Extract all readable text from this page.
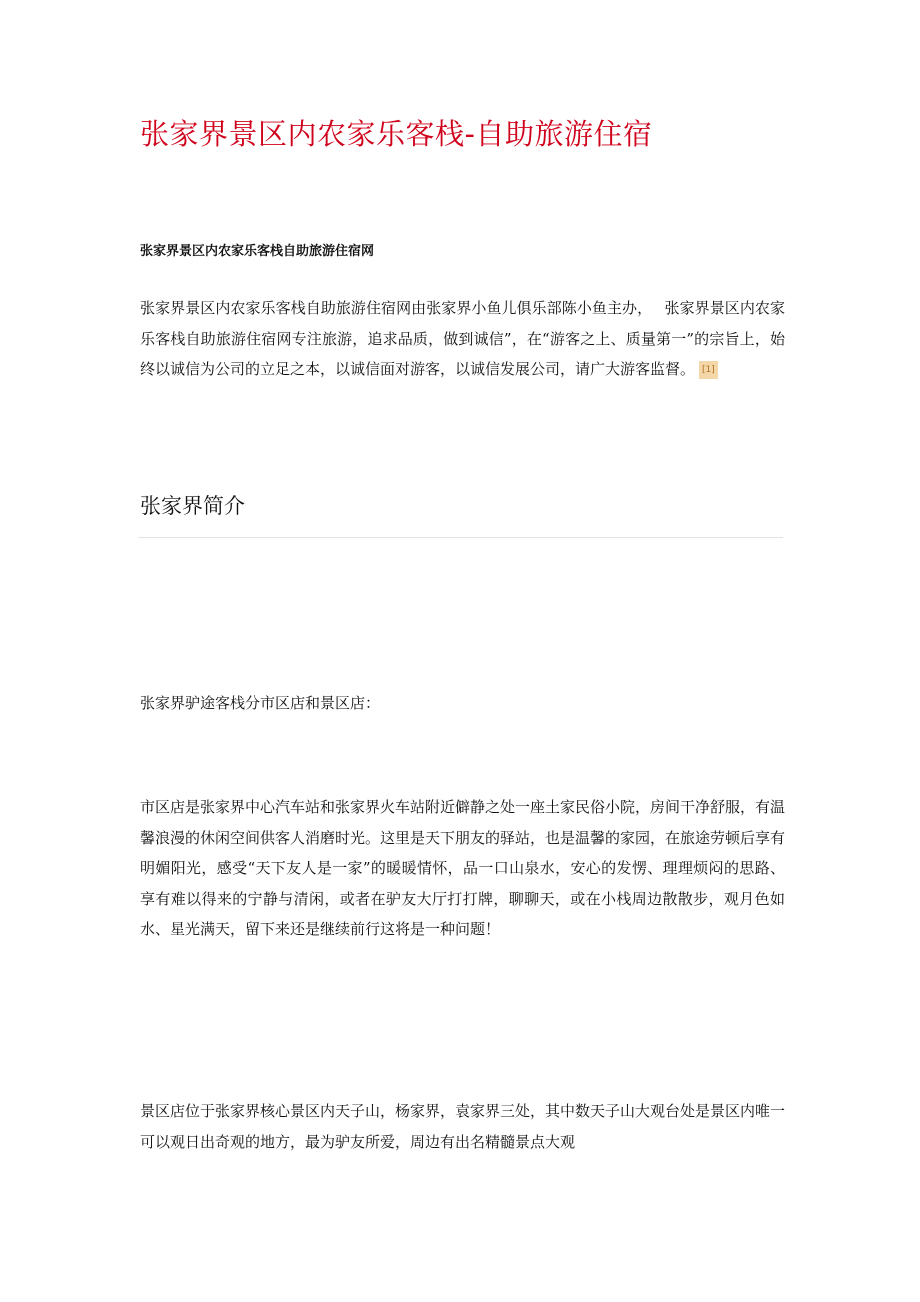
张家界景区内农家乐客栈-自助旅游住宿
张家界景区内农家乐客栈自助旅游住宿网

张家界景区内农家乐客栈自助旅游住宿网由张家界小鱼儿俱乐部陈小鱼主办，　 张家界景区内农家乐客栈自助旅游住宿网专注旅游，追求品质，做到诚信”，在“游客之上、质量第一”的宗旨上，始终以诚信为公司的立足之本，以诚信面对游客，以诚信发展公司，请广大游客监督。 [1]

张家界简介

张家界驴途客栈分市区店和景区店：

市区店是张家界中心汽车站和张家界火车站附近僻静之处一座土家民俗小院，房间干净舒服，有温馨浪漫的休闲空间供客人消磨时光。这里是天下朋友的驿站，也是温馨的家园，在旅途劳顿后享有明媚阳光，感受“天下友人是一家”的暖暖情怀，品一口山泉水，安心的发愣、理理烦闷的思路、享有难以得来的宁静与清闲，或者在驴友大厅打打牌，聊聊天，或在小栈周边散散步，观月色如水、星光满天，留下来还是继续前行这将是一种问题！

景区店位于张家界核心景区内天子山，杨家界，袁家界三处，其中数天子山大观台处是景区内唯一可以观日出奇观的地方，最为驴友所爱，周边有出名精髓景点大观
